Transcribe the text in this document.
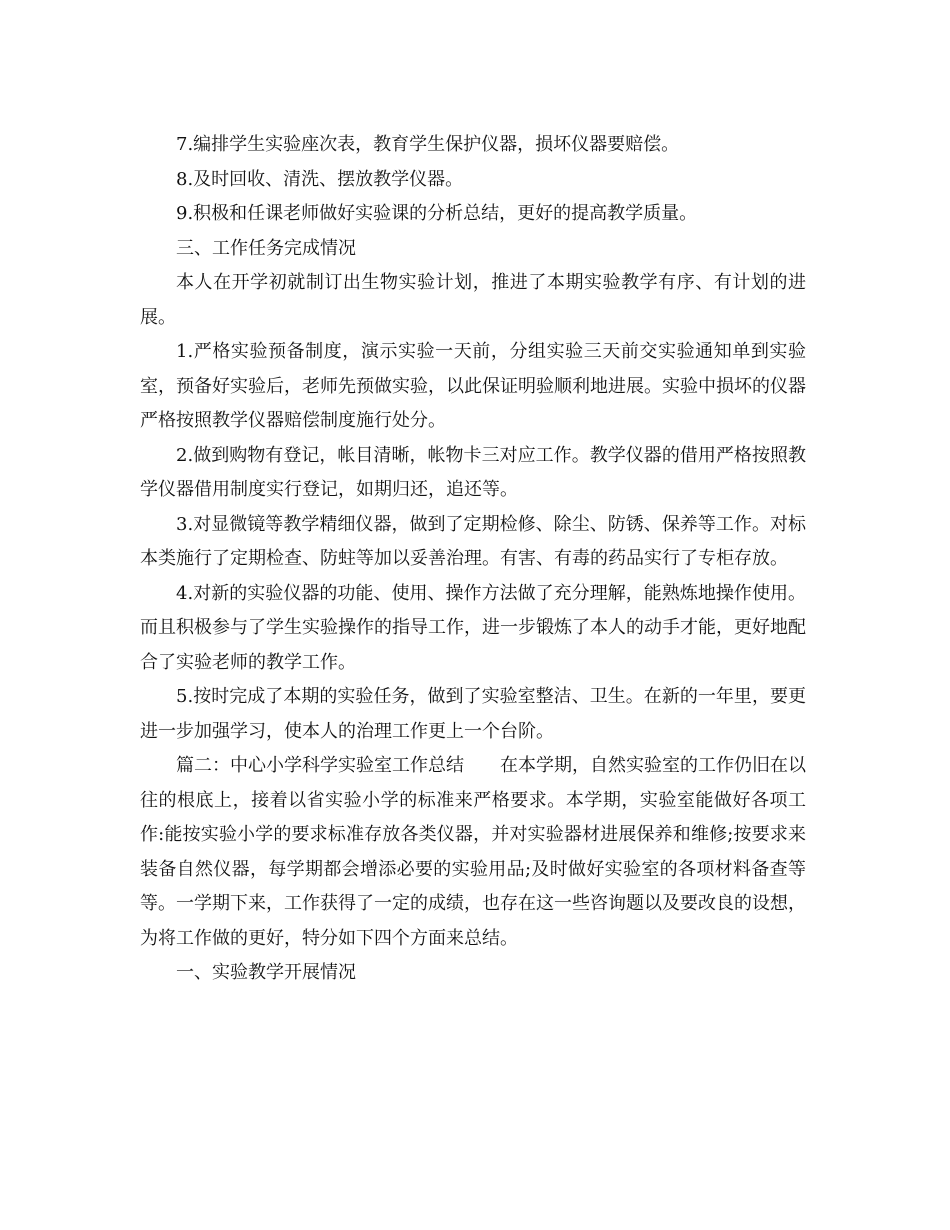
7.编排学生实验座次表，教育学生保护仪器，损坏仪器要赔偿。

8.及时回收、清洗、摆放教学仪器。

9.积极和任课老师做好实验课的分析总结，更好的提高教学质量。

三、工作任务完成情况

本人在开学初就制订出生物实验计划，推进了本期实验教学有序、有计划的进展。

1.严格实验预备制度，演示实验一天前，分组实验三天前交实验通知单到实验室，预备好实验后，老师先预做实验，以此保证明验顺利地进展。实验中损坏的仪器严格按照教学仪器赔偿制度施行处分。

2.做到购物有登记，帐目清晰，帐物卡三对应工作。教学仪器的借用严格按照教学仪器借用制度实行登记，如期归还，追还等。

3.对显微镜等教学精细仪器，做到了定期检修、除尘、防锈、保养等工作。对标本类施行了定期检查、防蛀等加以妥善治理。有害、有毒的药品实行了专柜存放。

4.对新的实验仪器的功能、使用、操作方法做了充分理解，能熟炼地操作使用。而且积极参与了学生实验操作的指导工作，进一步锻炼了本人的动手才能，更好地配合了实验老师的教学工作。

5.按时完成了本期的实验任务，做到了实验室整洁、卫生。在新的一年里，要更进一步加强学习，使本人的治理工作更上一个台阶。

篇二：中心小学科学实验室工作总结　　在本学期，自然实验室的工作仍旧在以往的根底上，接着以省实验小学的标准来严格要求。本学期，实验室能做好各项工作:能按实验小学的要求标准存放各类仪器，并对实验器材进展保养和维修;按要求来装备自然仪器，每学期都会增添必要的实验用品;及时做好实验室的各项材料备查等等。一学期下来，工作获得了一定的成绩，也存在这一些咨询题以及要改良的设想，为将工作做的更好，特分如下四个方面来总结。

一、实验教学开展情况
